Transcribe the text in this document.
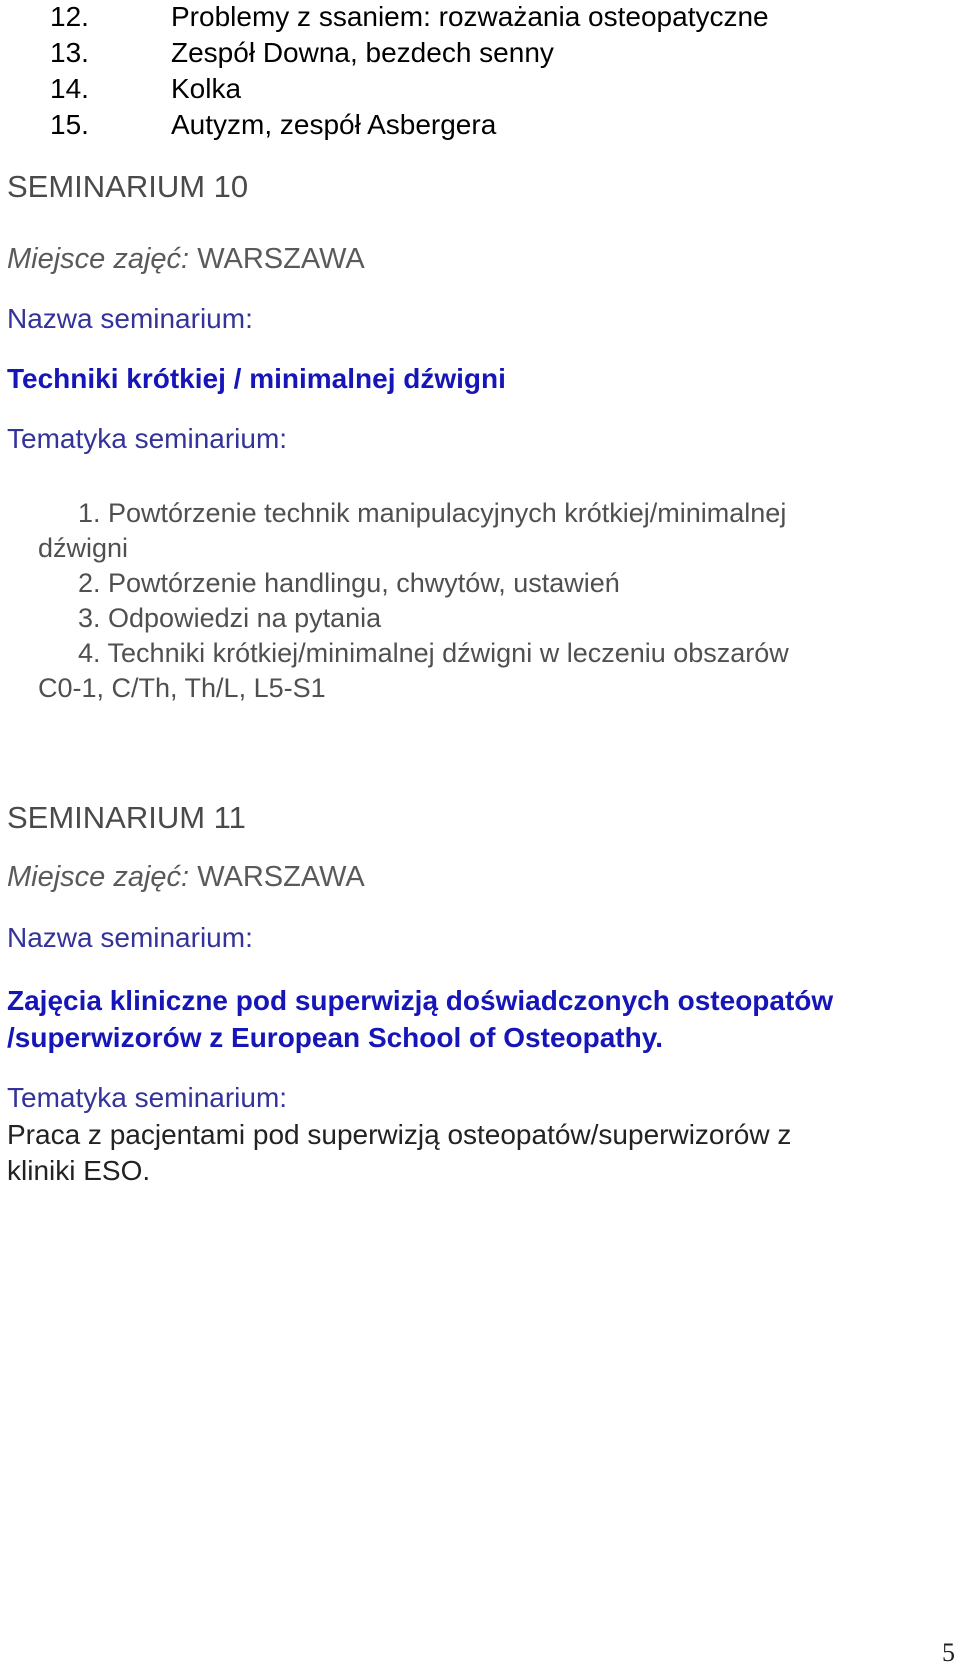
12.	Problemy z ssaniem: rozważania osteopatyczne
13.	Zespół Downa, bezdech senny
14.	Kolka
15.	Autyzm, zespół Asbergera
SEMINARIUM 10
Miejsce zajęć: WARSZAWA
Nazwa seminarium:
Techniki krótkiej / minimalnej dźwigni
Tematyka seminarium:
1. Powtórzenie technik manipulacyjnych krótkiej/minimalnej
dźwigni
2. Powtórzenie handlingu, chwytów, ustawień
3. Odpowiedzi na pytania
4. Techniki krótkiej/minimalnej dźwigni w leczeniu obszarów
C0-1, C/Th, Th/L, L5-S1
SEMINARIUM 11
Miejsce zajęć: WARSZAWA
Nazwa seminarium:
Zajęcia kliniczne pod superwizją doświadczonych osteopatów
/superwizorów z European School of Osteopathy.
Tematyka seminarium:
Praca z pacjentami pod superwizją osteopatów/superwizorów z
kliniki ESO.
5
